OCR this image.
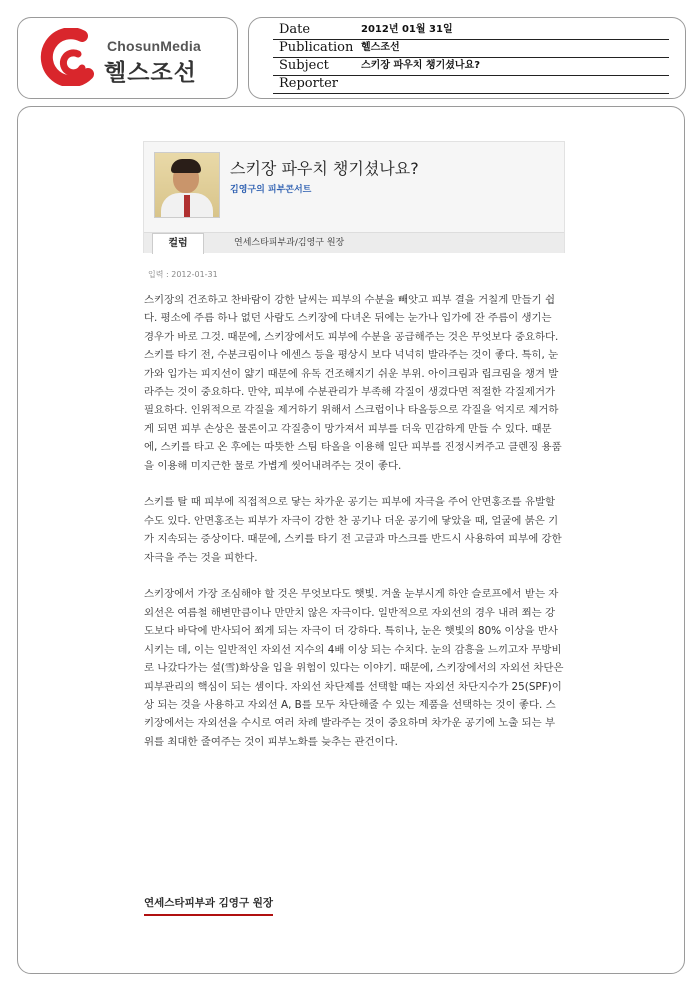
ChosunMedia
헬스조선
Date	2012년 01월 31일
Publication 헬스조선
Subject	스키장 파우치 챙기셨나요?
Reporter
스키장 파우치 챙기셨나요?
김영구의 피부콘서트
컬럼	연세스타피부과/김영구 원장
입력 : 2012-01-31

스키장의 건조하고 찬바람이 강한 날씨는 피부의 수분을 빼앗고 피부 결을 거칠게 만들기 쉽다. 평소에 주름 하나 없던 사람도 스키장에 다녀온 뒤에는 눈가나 입가에 잔 주름이 생기는 경우가 바로 그것. 때문에, 스키장에서도 피부에 수분을 공급해주는 것은 무엇보다 중요하다. 스키를 타기 전, 수분크림이나 에센스 등을 평상시 보다 넉넉히 발라주는 것이 좋다. 특히, 눈가와 입가는 피지선이 얇기 때문에 유독 건조해지기 쉬운 부위. 아이크림과 립크림을 챙겨 발라주는 것이 중요하다. 만약, 피부에 수분관리가 부족해 각질이 생겼다면 적절한 각질제거가 필요하다. 인위적으로 각질을 제거하기 위해서 스크럽이나 타올등으로 각질을 억지로 제거하게 되면 피부 손상은 물론이고 각질층이 망가져서 피부를 더욱 민감하게 만들 수 있다. 때문에, 스키를 타고 온 후에는 따뜻한 스팀 타올을 이용해 일단 피부를 진정시켜주고 클렌징 용품을 이용해 미지근한 물로 가볍게 씻어내려주는 것이 좋다.

스키를 탈 때 피부에 직접적으로 닿는 차가운 공기는 피부에 자극을 주어 안면홍조를 유발할 수도 있다. 안면홍조는 피부가 자극이 강한 찬 공기나 더운 공기에 닿았을 때, 얼굴에 붉은 기가 지속되는 증상이다. 때문에, 스키를 타기 전 고글과 마스크를 반드시 사용하여 피부에 강한 자극을 주는 것을 피한다.

스키장에서 가장 조심해야 할 것은 무엇보다도 햇빛. 겨울 눈부시게 하얀 슬로프에서 받는 자외선은 여름철 해변만큼이나 만만치 않은 자극이다. 일반적으로 자외선의 경우 내려 쬐는 강도보다 바닥에 반사되어 쬐게 되는 자극이 더 강하다. 특히나, 눈은 햇빛의 80% 이상을 반사시키는 데, 이는 일반적인 자외선 지수의 4배 이상 되는 수치다. 눈의 감흥을 느끼고자 무방비로 나갔다가는 설(雪)화상을 입을 위험이 있다는 이야기. 때문에, 스키장에서의 자외선 차단은 피부관리의 핵심이 되는 셈이다. 자외선 차단제를 선택할 때는 자외선 차단지수가 25(SPF)이상 되는 것을 사용하고 자외선 A, B를 모두 차단해줄 수 있는 제품을 선택하는 것이 좋다. 스키장에서는 자외선을 수시로 여러 차례 발라주는 것이 중요하며 차가운 공기에 노출 되는 부위를 최대한 줄여주는 것이 피부노화를 늦추는 관건이다.

연세스타피부과 김영구 원장
